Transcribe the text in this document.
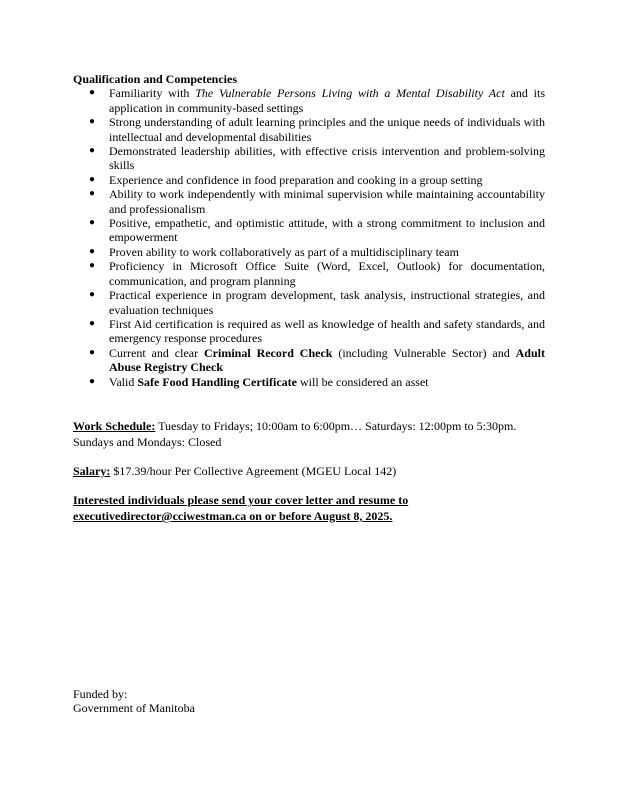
Qualification and Competencies

● Familiarity with The Vulnerable Persons Living with a Mental Disability Act and its application in community-based settings
● Strong understanding of adult learning principles and the unique needs of individuals with intellectual and developmental disabilities
● Demonstrated leadership abilities, with effective crisis intervention and problem-solving skills
● Experience and confidence in food preparation and cooking in a group setting
● Ability to work independently with minimal supervision while maintaining accountability and professionalism
● Positive, empathetic, and optimistic attitude, with a strong commitment to inclusion and empowerment
● Proven ability to work collaboratively as part of a multidisciplinary team
● Proficiency in Microsoft Office Suite (Word, Excel, Outlook) for documentation, communication, and program planning
● Practical experience in program development, task analysis, instructional strategies, and evaluation techniques
● First Aid certification is required as well as knowledge of health and safety standards, and emergency response procedures
● Current and clear Criminal Record Check (including Vulnerable Sector) and Adult Abuse Registry Check
● Valid Safe Food Handling Certificate will be considered an asset
Work Schedule: Tuesday to Fridays; 10:00am to 6:00pm… Saturdays: 12:00pm to 5:30pm.
Sundays and Mondays: Closed
Salary: $17.39/hour Per Collective Agreement (MGEU Local 142)
Interested individuals please send your cover letter and resume to
executivedirector@cciwestman.ca on or before August 8, 2025.
Funded by:
Government of Manitoba
